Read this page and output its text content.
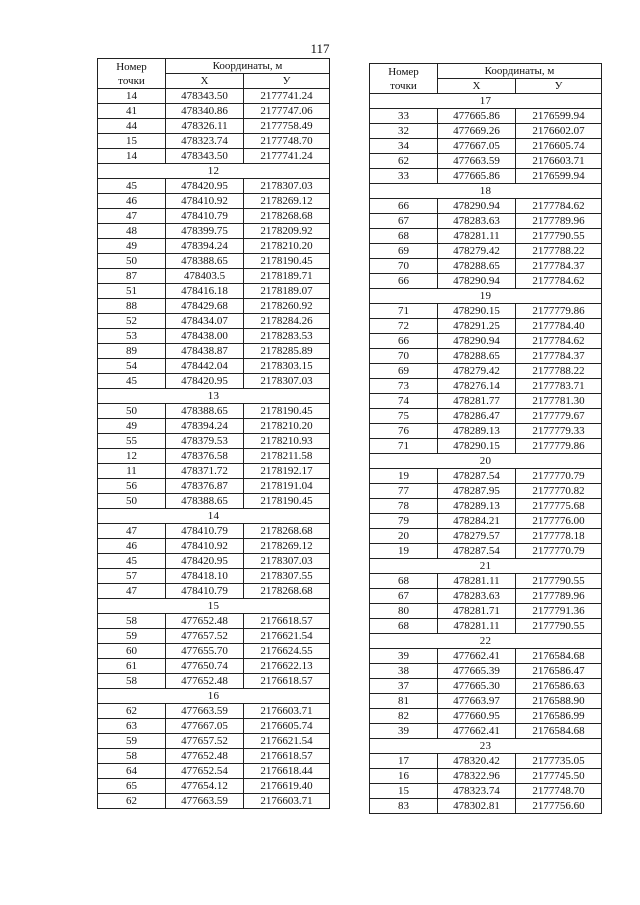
117
Номер
точки	Координаты, м	
	X	У
14	478343.50	2177741.24
41	478340.86	2177747.06
44	478326.11	2177758.49
15	478323.74	2177748.70
14	478343.50	2177741.24
12		
45	478420.95	2178307.03
46	478410.92	2178269.12
47	478410.79	2178268.68
48	478399.75	2178209.92
49	478394.24	2178210.20
50	478388.65	2178190.45
87	478403.5	2178189.71
51	478416.18	2178189.07
88	478429.68	2178260.92
52	478434.07	2178284.26
53	478438.00	2178283.53
89	478438.87	2178285.89
54	478442.04	2178303.15
45	478420.95	2178307.03
13		
50	478388.65	2178190.45
49	478394.24	2178210.20
55	478379.53	2178210.93
12	478376.58	2178211.58
11	478371.72	2178192.17
56	478376.87	2178191.04
50	478388.65	2178190.45
14		
47	478410.79	2178268.68
46	478410.92	2178269.12
45	478420.95	2178307.03
57	478418.10	2178307.55
47	478410.79	2178268.68
15		
58	477652.48	2176618.57
59	477657.52	2176621.54
60	477655.70	2176624.55
61	477650.74	2176622.13
58	477652.48	2176618.57
16		
62	477663.59	2176603.71
63	477667.05	2176605.74
59	477657.52	2176621.54
58	477652.48	2176618.57
64	477652.54	2176618.44
65	477654.12	2176619.40
62	477663.59	2176603.71
Номер
точки	Координаты, м	
	X	У
17		
33	477665.86	2176599.94
32	477669.26	2176602.07
34	477667.05	2176605.74
62	477663.59	2176603.71
33	477665.86	2176599.94
18		
66	478290.94	2177784.62
67	478283.63	2177789.96
68	478281.11	2177790.55
69	478279.42	2177788.22
70	478288.65	2177784.37
66	478290.94	2177784.62
19		
71	478290.15	2177779.86
72	478291.25	2177784.40
66	478290.94	2177784.62
70	478288.65	2177784.37
69	478279.42	2177788.22
73	478276.14	2177783.71
74	478281.77	2177781.30
75	478286.47	2177779.67
76	478289.13	2177779.33
71	478290.15	2177779.86
20		
19	478287.54	2177770.79
77	478287.95	2177770.82
78	478289.13	2177775.68
79	478284.21	2177776.00
20	478279.57	2177778.18
19	478287.54	2177770.79
21		
68	478281.11	2177790.55
67	478283.63	2177789.96
80	478281.71	2177791.36
68	478281.11	2177790.55
22		
39	477662.41	2176584.68
38	477665.39	2176586.47
37	477665.30	2176586.63
81	477663.97	2176588.90
82	477660.95	2176586.99
39	477662.41	2176584.68
23		
17	478320.42	2177735.05
16	478322.96	2177745.50
15	478323.74	2177748.70
83	478302.81	2177756.60
